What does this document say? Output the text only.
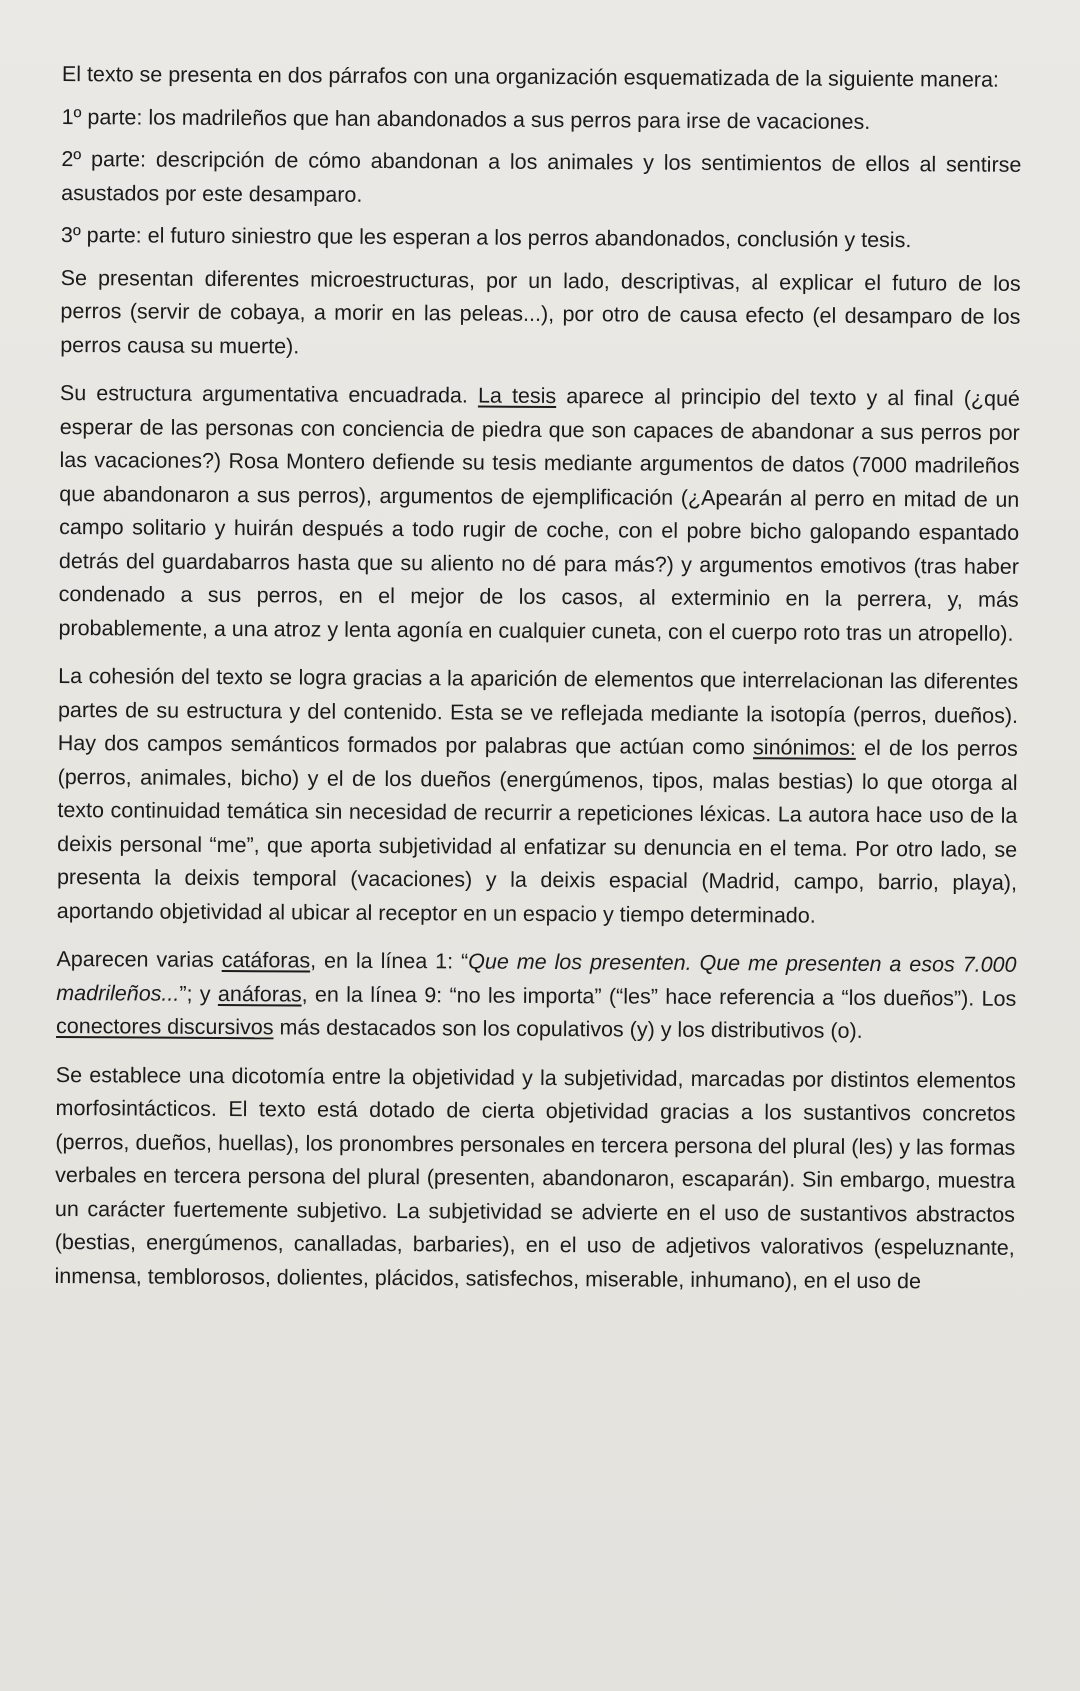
El texto se presenta en dos párrafos con una organización esquematizada de la siguiente manera:

1º parte: los madrileños que han abandonados a sus perros para irse de vacaciones.

2º parte: descripción de cómo abandonan a los animales y los sentimientos de ellos al sentirse asustados por este desamparo.

3º parte: el futuro siniestro que les esperan a los perros abandonados, conclusión y tesis.

Se presentan diferentes microestructuras, por un lado, descriptivas, al explicar el futuro de los perros (servir de cobaya, a morir en las peleas...), por otro de causa efecto (el desamparo de los perros causa su muerte).

Su estructura argumentativa encuadrada. La tesis aparece al principio del texto y al final (¿qué esperar de las personas con conciencia de piedra que son capaces de abandonar a sus perros por las vacaciones?) Rosa Montero defiende su tesis mediante argumentos de datos (7000 madrileños que abandonaron a sus perros), argumentos de ejemplificación (¿Apearán al perro en mitad de un campo solitario y huirán después a todo rugir de coche, con el pobre bicho galopando espantado detrás del guardabarros hasta que su aliento no dé para más?) y argumentos emotivos (tras haber condenado a sus perros, en el mejor de los casos, al exterminio en la perrera, y, más probablemente, a una atroz y lenta agonía en cualquier cuneta, con el cuerpo roto tras un atropello).

La cohesión del texto se logra gracias a la aparición de elementos que interrelacionan las diferentes partes de su estructura y del contenido. Esta se ve reflejada mediante la isotopía (perros, dueños). Hay dos campos semánticos formados por palabras que actúan como sinónimos: el de los perros (perros, animales, bicho) y el de los dueños (energúmenos, tipos, malas bestias) lo que otorga al texto continuidad temática sin necesidad de recurrir a repeticiones léxicas. La autora hace uso de la deixis personal “me”, que aporta subjetividad al enfatizar su denuncia en el tema. Por otro lado, se presenta la deixis temporal (vacaciones) y la deixis espacial (Madrid, campo, barrio, playa), aportando objetividad al ubicar al receptor en un espacio y tiempo determinado.

Aparecen varias catáforas, en la línea 1: “Que me los presenten. Que me presenten a esos 7.000 madrileños...”; y anáforas, en la línea 9: “no les importa” (“les” hace referencia a “los dueños”). Los conectores discursivos más destacados son los copulativos (y) y los distributivos (o).

Se establece una dicotomía entre la objetividad y la subjetividad, marcadas por distintos elementos morfosintácticos. El texto está dotado de cierta objetividad gracias a los sustantivos concretos (perros, dueños, huellas), los pronombres personales en tercera persona del plural (les) y las formas verbales en tercera persona del plural (presenten, abandonaron, escaparán). Sin embargo, muestra un carácter fuertemente subjetivo. La subjetividad se advierte en el uso de sustantivos abstractos (bestias, energúmenos, canalladas, barbaries), en el uso de adjetivos valorativos (espeluznante, inmensa, temblorosos, dolientes, plácidos, satisfechos, miserable, inhumano), en el uso de
